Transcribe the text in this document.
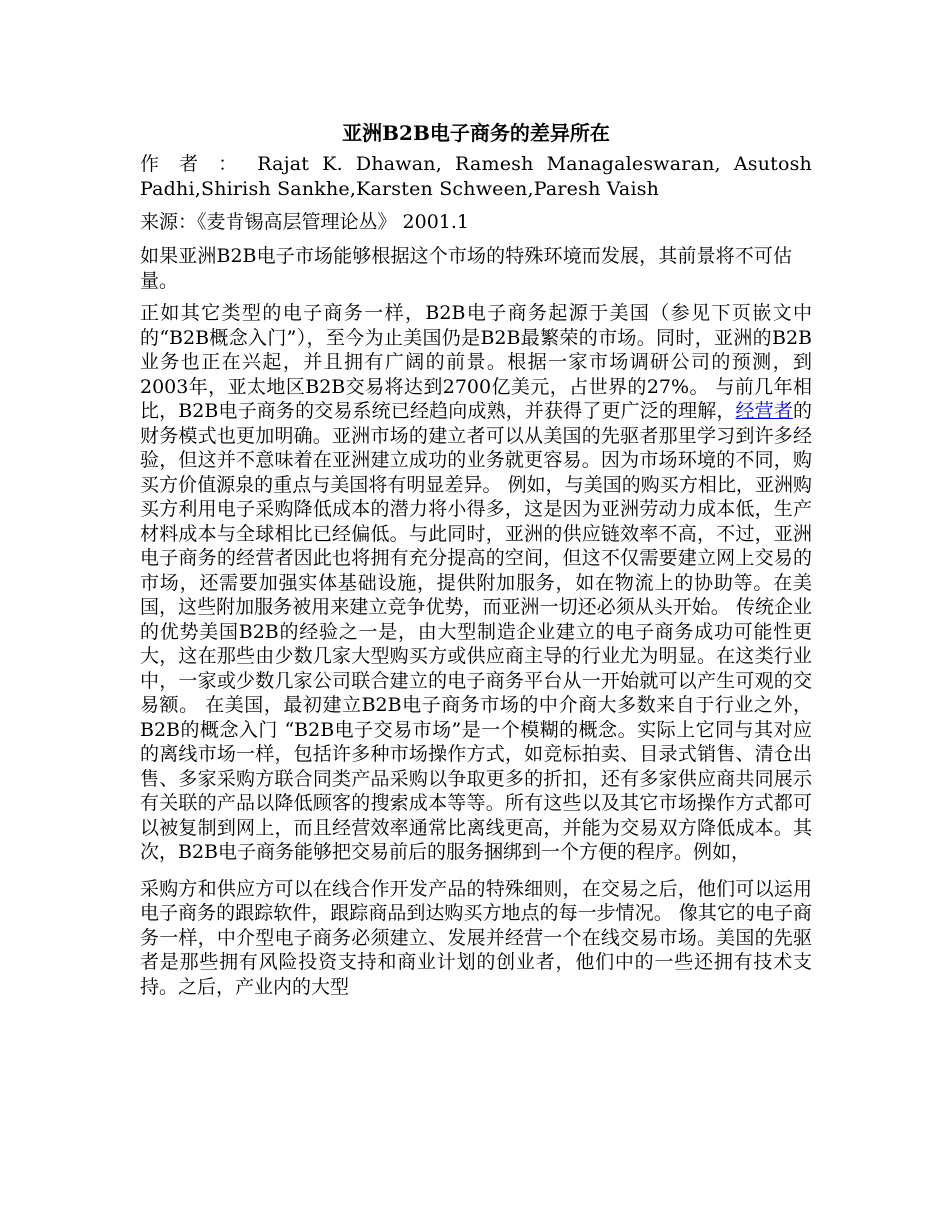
亚洲B2B电子商务的差异所在
作 者 ： Rajat K. Dhawan, Ramesh Managaleswaran, Asutosh
Padhi,Shirish Sankhe,Karsten Schween,Paresh Vaish
来源：《麦肯锡高层管理论丛》 2001.1

如果亚洲B2B电子市场能够根据这个市场的特殊环境而发展，其前景将不可估量。

正如其它类型的电子商务一样，B2B电子商务起源于美国（参见下页嵌文中的“B2B概念入门”），至今为止美国仍是B2B最繁荣的市场。同时，亚洲的B2B业务也正在兴起，并且拥有广阔的前景。根据一家市场调研公司的预测，到2003年，亚太地区B2B交易将达到2700亿美元，占世界的27%。 与前几年相比，B2B电子商务的交易系统已经趋向成熟，并获得了更广泛的理解，经营者的财务模式也更加明确。亚洲市场的建立者可以从美国的先驱者那里学习到许多经验，但这并不意味着在亚洲建立成功的业务就更容易。因为市场环境的不同，购买方价值源泉的重点与美国将有明显差异。 例如，与美国的购买方相比，亚洲购买方利用电子采购降低成本的潜力将小得多，这是因为亚洲劳动力成本低，生产材料成本与全球相比已经偏低。与此同时，亚洲的供应链效率不高，不过，亚洲电子商务的经营者因此也将拥有充分提高的空间，但这不仅需要建立网上交易的市场，还需要加强实体基础设施，提供附加服务，如在物流上的协助等。在美国，这些附加服务被用来建立竞争优势，而亚洲一切还必须从头开始。 传统企业的优势美国B2B的经验之一是，由大型制造企业建立的电子商务成功可能性更大，这在那些由少数几家大型购买方或供应商主导的行业尤为明显。在这类行业中，一家或少数几家公司联合建立的电子商务平台从一开始就可以产生可观的交易额。 在美国，最初建立B2B电子商务市场的中介商大多数来自于行业之外， B2B的概念入门 “B2B电子交易市场”是一个模糊的概念。实际上它同与其对应的离线市场一样，包括许多种市场操作方式，如竞标拍卖、目录式销售、清仓出售、多家采购方联合同类产品采购以争取更多的折扣，还有多家供应商共同展示有关联的产品以降低顾客的搜索成本等等。所有这些以及其它市场操作方式都可以被复制到网上，而且经营效率通常比离线更高，并能为交易双方降低成本。其次，B2B电子商务能够把交易前后的服务捆绑到一个方便的程序。例如，

采购方和供应方可以在线合作开发产品的特殊细则，在交易之后，他们可以运用电子商务的跟踪软件，跟踪商品到达购买方地点的每一步情况。 像其它的电子商务一样，中介型电子商务必须建立、发展并经营一个在线交易市场。美国的先驱者是那些拥有风险投资支持和商业计划的创业者，他们中的一些还拥有技术支持。之后，产业内的大型
